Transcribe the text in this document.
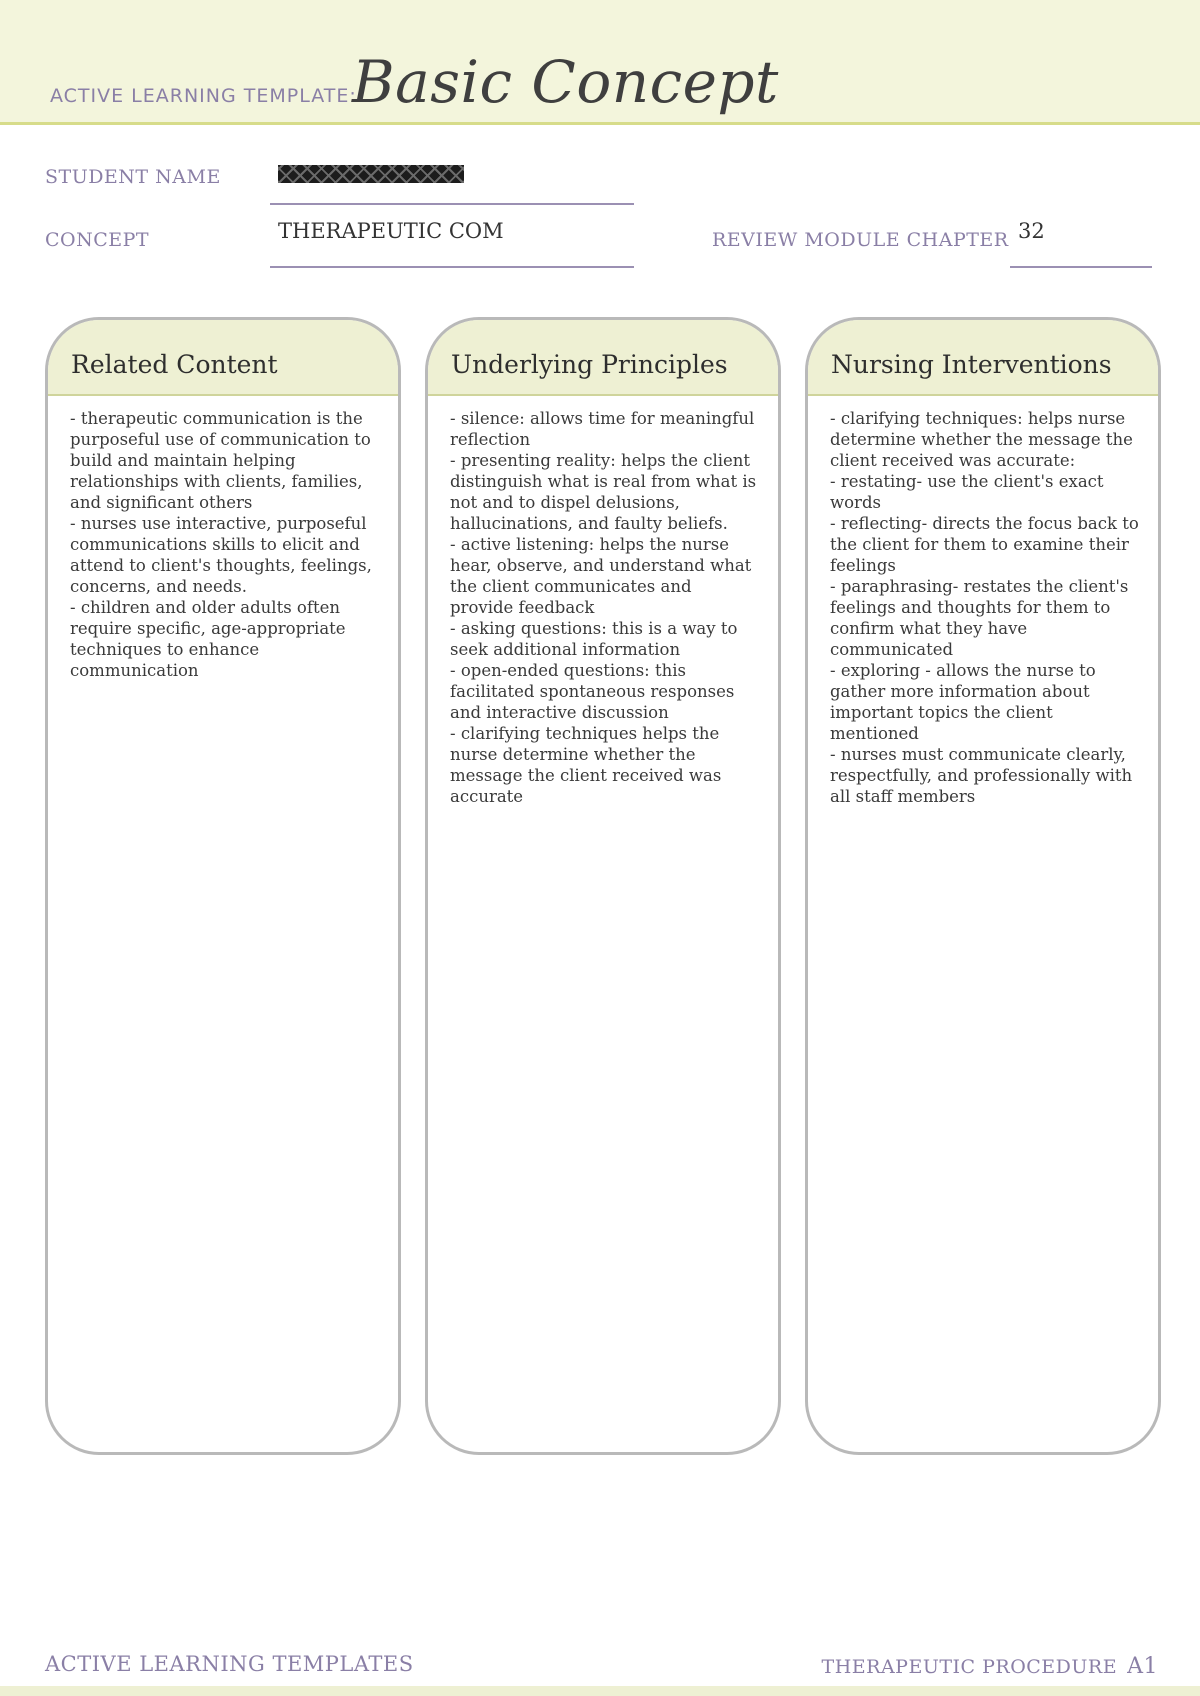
ACTIVE LEARNING TEMPLATE:
Basic Concept
STUDENT NAME
CONCEPT	THERAPEUTIC COM	REVIEW MODULE CHAPTER 32
Related Content

- therapeutic communication is the purposeful use of communication to build and maintain helping relationships with clients, families, and significant others

- nurses use interactive, purposeful communications skills to elicit and attend to client's thoughts, feelings, concerns, and needs.

- children and older adults often require specific, age-appropriate techniques to enhance communication

Underlying Principles

- silence: allows time for meaningful reflection

- presenting reality: helps the client distinguish what is real from what is not and to dispel delusions, hallucinations, and faulty beliefs.

- active listening: helps the nurse hear, observe, and understand what the client communicates and provide feedback

- asking questions: this is a way to seek additional information

- open-ended questions: this facilitated spontaneous responses and interactive discussion

- clarifying techniques helps the nurse determine whether the message the client received was accurate

Nursing Interventions

- clarifying techniques: helps nurse determine whether the message the client received was accurate:

- restating- use the client's exact words

- reflecting- directs the focus back to the client for them to examine their feelings

- paraphrasing- restates the client's feelings and thoughts for them to confirm what they have communicated

- exploring - allows the nurse to gather more information about important topics the client mentioned

- nurses must communicate clearly, respectfully, and professionally with all staff members

ACTIVE LEARNING TEMPLATES	THERAPEUTIC PROCEDURE A1
